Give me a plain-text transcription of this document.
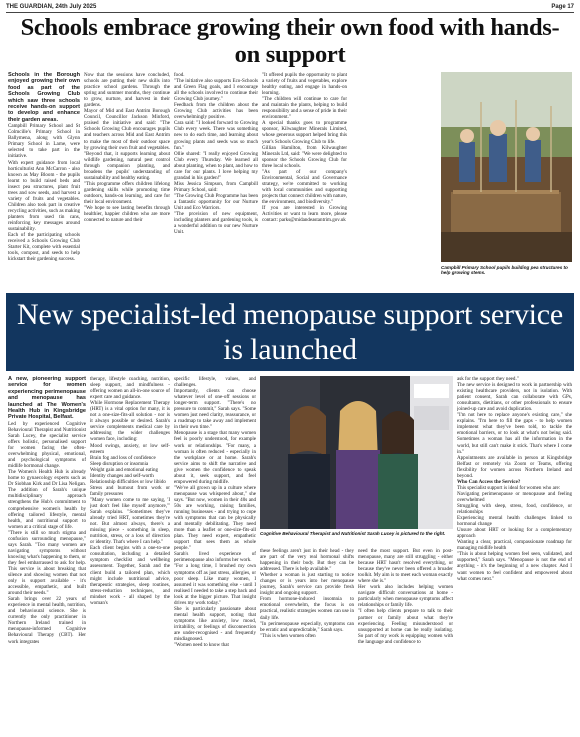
THE GUARDIAN, 24th July 2025	Page 17
Schools embrace growing their own food with hands-on support

Schools in the Borough enjoyed growing their own food as part of the Schools Growing Club which saw three schools receive hands-on support to develop and enhance their garden areas.

Campbill Primary School and St Colmcille's Primary School in Ballymena, along with Glynn Primary School in Larne, were selected to take part in the initiative.

With expert guidance from local horticulturist Ann McCarron - also known as May Bloom - the pupils learnt to build raised beds and insect pea structures, plant fruit trees and sow seeds, and harvest a variety of fruits and vegetables. Children also took part in creative recycling activities, such as making planters from used tin cans, reinforcing key messages around sustainability.

Each of the participating schools received a Schools Growing Club Starter Kit, complete with essential tools, compost, and seeds to help kickstart their gardening success.

Now that the sessions have concluded, schools are putting their new skills into practice school gardens. Through the spring and summer months, they continue to grow, nurture, and harvest in their gardens.

Mayor of Mid and East Antrim Borough Council, Councillor Jackson Minford, praised the initiative and said: "The Schools Growing Club encourages pupils and teachers across Mid and East Antrim to make the most of their outdoor space by growing their own fruit and vegetables.

"Beyond that, it supports learning about wildlife gardening, natural pest control through companion planting, and broadens the pupils' understanding of sustainability and healthy eating.

"This programme offers children lifelong gardening skills while promoting time outdoors, hands-on learning, and care for their local environment.

"We hope to see lasting benefits through healthier, happier children who are more connected to nature and their

food.

"The initiative also supports Eco-Schools and Green Flag goals, and I encourage all the schools involved to continue their Growing Club journey."

Feedback from the children about the Growing Club activities has been overwhelmingly positive.

Cara said: "I looked forward to Growing Club every week. There was something new to do each time, and learning about growing plants and seeds was so much fun."

Ollie shared: "I really enjoyed Growing Club every Thursday. We learned all about planting, when to plant, and how to care for our plants. I love helping my grandad in his garden!"

Miss Jessica Simpson, from Campbill Primary School, said:

"The Growing Club Programme has been a fantastic opportunity for our Nurture Unit and Eco Warriors.

"The provision of new equipment, including planters and gardening tools, is a wonderful addition to our new Nurture Unit.

"It offered pupils the opportunity to plant a variety of fruits and vegetables, explore healthy eating, and engage in hands-on learning.

"The children will continue to care for and maintain the plants, helping to build responsibility and a sense of pride in their environment."

A special thanks goes to programme sponsor, Kilwaughter Minerals Limited, whose generous support helped bring this year's Schools Growing Club to life.

Gillian Hamilton, from Kilwaughter Minerals Ltd, said: "We were delighted to sponsor the Schools Growing Club for three local schools.

"As part of our company's Environmental, Social and Governance strategy, we're committed to working with local communities and supporting projects that connect children with nature, the environment, and biodiversity."

If you are interested in Growing Activities or want to learn more, please contact: parks@midandeastantrim.gov.uk

Campbill Primary School pupils building pea structures to help growing stems.

New specialist-led menopause support service is launched

A new, pioneering support service for women experiencing perimenopause and menopause has launched at The Women's Health Hub in Kingsbridge Private Hospital, Belfast.

Led by experienced Cognitive Behavioural Therapist and Nutritionist Sarah Lucey, the specialist service offers holistic, personalised support for women facing the often-overwhelming physical, emotional, and psychological symptoms of midlife hormonal change.

The Women's Health Hub is already home to gynaecology experts such as Dr Siobhan Kirk and Dr Lisa Neligan. The addition of Sarah's unique multidisciplinary approach strengthens the Hub's commitment to comprehensive women's health by offering tailored lifestyle, mental health, and nutritional support to women at a critical stage of life.

"There is still so much stigma and confusion surrounding menopause," says Sarah. "Too many women are navigating symptoms without knowing what's happening to them, or they feel embarrassed to ask for help. This service is about breaking that silence and showing women that not only is support available - it's accessible, empathetic, and built around their needs."

Sarah brings over 22 years of experience in mental health, nutrition, and behavioural science. She is currently the only practitioner in Northern Ireland trained in menopause-informed Cognitive Behavioural Therapy (CBT). Her work integrates

therapy, lifestyle coaching, nutrition, sleep support, and mindfulness - offering women an all-in-one source of expert care and guidance.

While Hormone Replacement Therapy (HRT) is a vital option for many, it is not a one-size-fits-all solution - nor is it always possible or desired. Sarah's service complements medical care by addressing the wider challenges women face, including:

Mood swings, anxiety, or low self-esteem

Brain fog and loss of confidence

Sleep disruption or insomnia

Weight gain and emotional eating

Identity changes and self-worth

Relationship difficulties or low libido

Stress and burnout from work or family pressures

"Many women come to me saying, 'I just don't feel like myself anymore,'" Sarah explains. "Sometimes they've already tried HRT, sometimes they're not. But almost always, there's a missing piece - something in sleep, nutrition, stress, or a loss of direction or identity. That's where I can help."

Each client begins with a one-to-one consultation, including a detailed symptom checklist and wellbeing assessment. Together, Sarah and the client build a tailored plan, which might include nutritional advice, therapeutic strategies, sleep routines, stress-reduction techniques, and mindset work - all shaped by the woman's

specific lifestyle, values, and challenges.

Importantly, clients can choose whatever level of one-off sessions or longer-term support. "There's no pressure to commit," Sarah says. "Some women just need clarity, reassurance, or a roadmap to take away and implement in their own time."

Menopause is a stage that many women feel is poorly understood, for example work or relationships. "For many, a woman is often reduced - especially in the workplace or at home. Sarah's service aims to shift the narrative and give women the confidence to speak about it, seek support, and feel empowered during midlife.

"We've all grown up in a culture where menopause was whispered about," she says. "But now, women in their 40s and 50s are working, raising families, running businesses - and trying to cope with symptoms that can be physically and mentally debilitating. They need more than a leaflet or one-size-fits-all plan. They need expert, empathetic support that sees them as whole people."

Sarah's lived experience of perimenopause also informs her work.

"For a long time, I brushed my own symptoms off as just stress, allergies, or poor sleep. Like many women, I assumed it was something else - until I realised I needed to take a step back and look at the bigger picture. That insight drives my work today."

She is particularly passionate about mental health support, noting that symptoms like anxiety, low mood, irritability, or feelings of disconnection are under-recognised - and frequently misdiagnosed.

"Women need to know that

Cognitive Behavioural Therapist and Nutritionist Sarah Lucey is pictured to the right.

these feelings aren't just in their head - they are part of the very real hormonal shifts happening in their body. But they can be addressed. There is help available."

Whether a woman is just starting to notice changes or is years into her menopause journey, Sarah's service can provide fresh insight and ongoing support.

From hormone-induced insomnia to emotional overwhelm, the focus is on practical, realistic strategies women can use in daily life.

"In perimenopause especially, symptoms can be erratic and unpredictable," Sarah says.

"This is when women often

need the most support. But even in post-menopause, many are still struggling - either because HRT hasn't resolved everything, or because they've never been offered a broader toolkit. My aim is to meet each woman exactly where she is."

Her work also includes helping women navigate difficult conversations at home - particularly when menopause symptoms affect relationships or family life.

"I often help clients prepare to talk to their partner or family about what they're experiencing. Feeling misunderstood or unsupported at home can be really isolating. So part of my work is equipping women with the language and confidence to

ask for the support they need."

The new service is designed to work in partnership with existing healthcare providers, not in isolation. With patient consent, Sarah can collaborate with GPs, consultants, dietitians, or other professionals to ensure joined-up care and avoid duplication.

"I'm not here to replace anyone's existing care," she explains. "I'm here to fill the gaps - to help women implement what they've been told, to tackle the emotional barriers, or to look at what's not being said. Sometimes a woman has all the information in the world, but still can't make it stick. That's where I come in."

Appointments are available in person at Kingsbridge Belfast or remotely via Zoom or Teams, offering flexibility for women across Northern Ireland and beyond.

Who Can Access the Service?

This specialist support is ideal for women who are:

Navigating perimenopause or menopause and feeling overwhelmed

Struggling with sleep, stress, food, confidence, or relationships

Experiencing mental health challenges linked to hormonal change

Unsure about HRT or looking for a complementary approach

Wanting a clear, practical, compassionate roadmap for managing midlife health

"This is about helping women feel seen, validated, and supported," Sarah says. "Menopause is not the end of anything - it's the beginning of a new chapter. And I want women to feel confident and empowered about what comes next."
